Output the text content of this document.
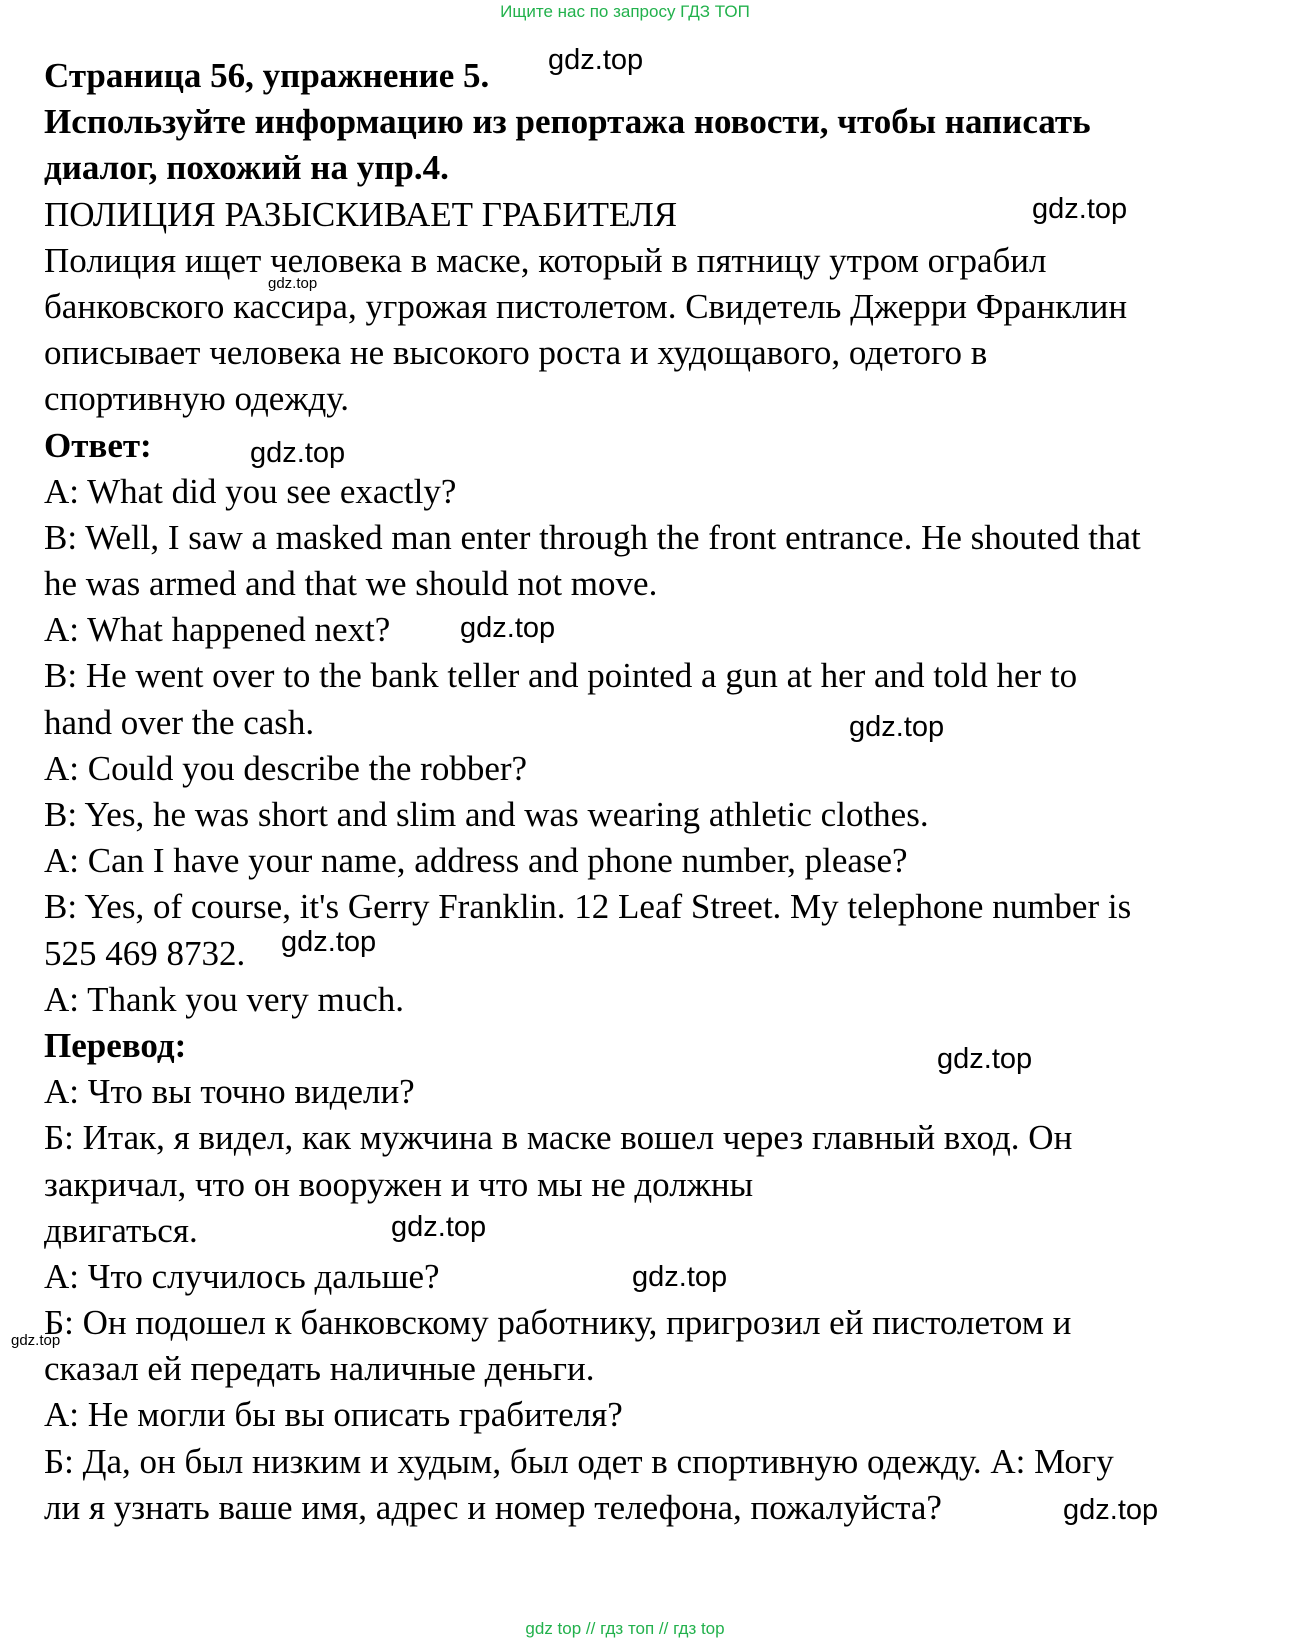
Ищите нас по запросу ГДЗ ТОП
Страница 56, упражнение 5.
Используйте информацию из репортажа новости, чтобы написать
диалог, похожий на упр.4.
ПОЛИЦИЯ РАЗЫСКИВАЕТ ГРАБИТЕЛЯ
Полиция ищет человека в маске, который в пятницу утром ограбил
банковского кассира, угрожая пистолетом. Свидетель Джерри Франклин
описывает человека не высокого роста и худощавого, одетого в
спортивную одежду.
Ответ:
A: What did you see exactly?
B: Well, I saw a masked man enter through the front entrance. He shouted that
he was armed and that we should not move.
A: What happened next?
B: He went over to the bank teller and pointed a gun at her and told her to
hand over the cash.
A: Could you describe the robber?
B: Yes, he was short and slim and was wearing athletic clothes.
A: Can I have your name, address and phone number, please?
B: Yes, of course, it's Gerry Franklin. 12 Leaf Street. My telephone number is
525 469 8732.
A: Thank you very much.
Перевод:
А: Что вы точно видели?
Б: Итак, я видел, как мужчина в маске вошел через главный вход. Он
закричал, что он вооружен и что мы не должны
двигаться.
А: Что случилось дальше?
Б: Он подошел к банковскому работнику, пригрозил ей пистолетом и
сказал ей передать наличные деньги.
А: Не могли бы вы описать грабителя?
Б: Да, он был низким и худым, был одет в спортивную одежду. А: Могу
ли я узнать ваше имя, адрес и номер телефона, пожалуйста?
gdz.top
gdz.top
gdz.top
gdz.top
gdz.top
gdz.top
gdz.top
gdz.top
gdz.top
gdz.top
gdz.top
gdz.top
gdz top // гдз топ // гдз top
